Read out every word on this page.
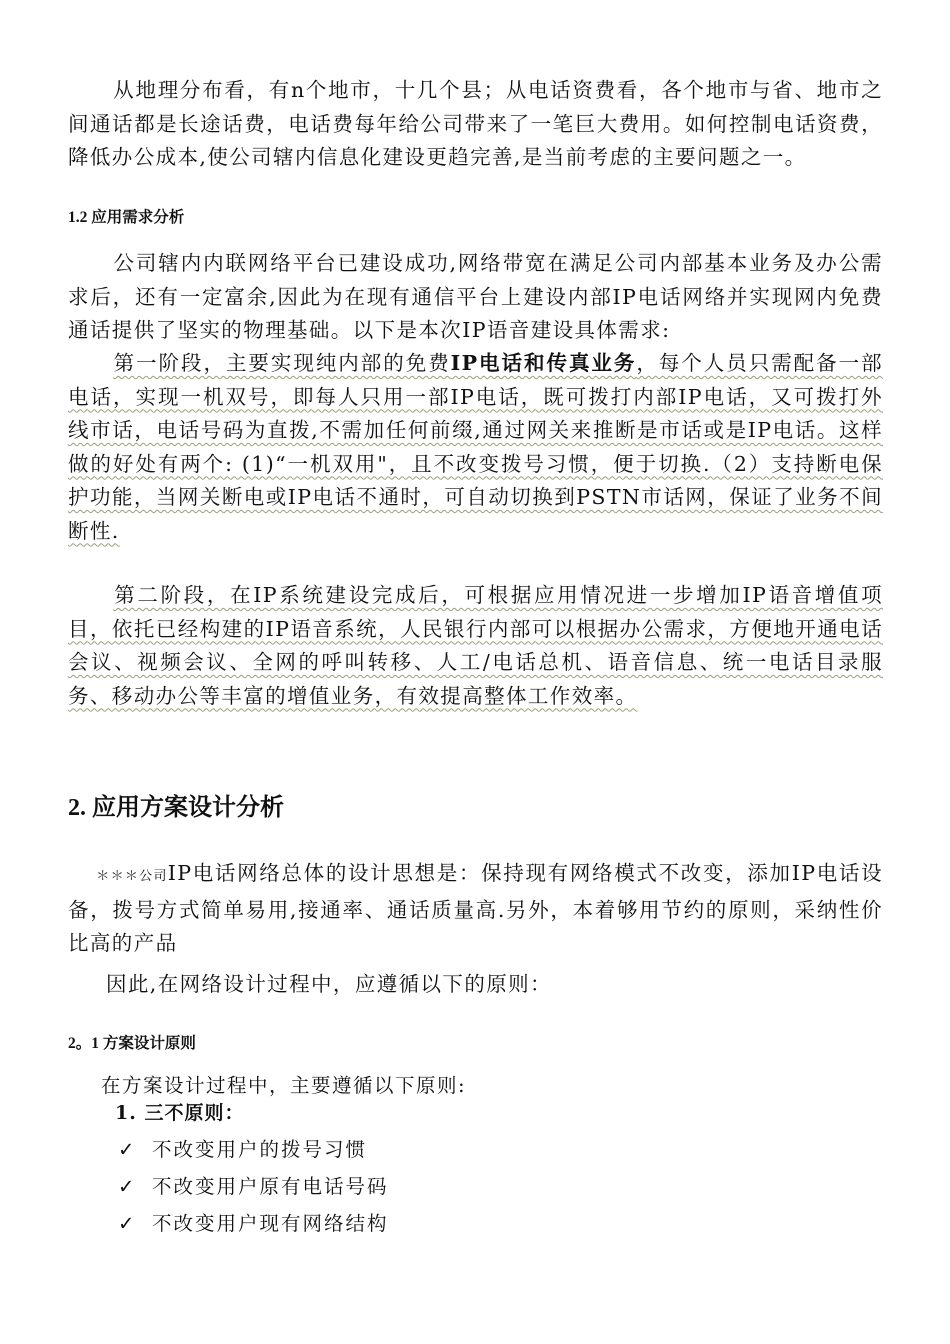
从地理分布看，有n个地市，十几个县；从电话资费看，各个地市与省、地市之间通话都是长途话费，电话费每年给公司带来了一笔巨大费用。如何控制电话资费，降低办公成本,使公司辖内信息化建设更趋完善,是当前考虑的主要问题之一。

1.2 应用需求分析

公司辖内内联网络平台已建设成功,网络带宽在满足公司内部基本业务及办公需求后，还有一定富余,因此为在现有通信平台上建设内部IP电话网络并实现网内免费通话提供了坚实的物理基础。以下是本次IP语音建设具体需求:

第一阶段，主要实现纯内部的免费IP电话和传真业务，每个人员只需配备一部电话，实现一机双号，即每人只用一部IP电话，既可拨打内部IP电话，又可拨打外线市话，电话号码为直拨,不需加任何前缀,通过网关来推断是市话或是IP电话。这样做的好处有两个: (1)“一机双用"，且不改变拨号习惯，便于切换.（2）支持断电保护功能，当网关断电或IP电话不通时，可自动切换到PSTN市话网，保证了业务不间断性.

第二阶段，在IP系统建设完成后，可根据应用情况进一步增加IP语音增值项目，依托已经构建的IP语音系统，人民银行内部可以根据办公需求，方便地开通电话会议、视频会议、全网的呼叫转移、人工/电话总机、语音信息、统一电话目录服务、移动办公等丰富的增值业务，有效提高整体工作效率。

2. 应用方案设计分析

＊＊＊公司IP电话网络总体的设计思想是：保持现有网络模式不改变，添加IP电话设备，拨号方式简单易用,接通率、通话质量高.另外，本着够用节约的原则，采纳性价比高的产品

因此,在网络设计过程中，应遵循以下的原则：

2。1 方案设计原则

在方案设计过程中，主要遵循以下原则:

1. 三不原则：
✓ 不改变用户的拨号习惯
✓ 不改变用户原有电话号码
✓ 不改变用户现有网络结构
